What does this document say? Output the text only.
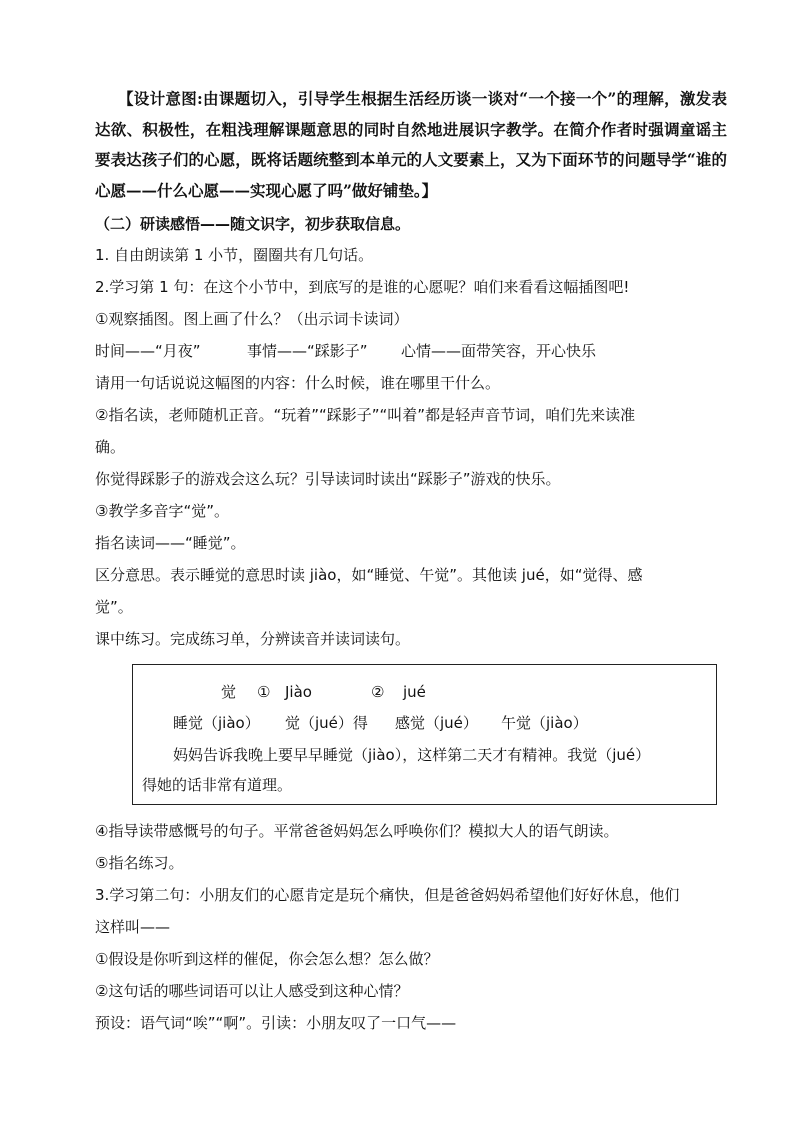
【设计意图:由课题切入，引导学生根据生活经历谈一谈对“一个接一个”的理解，激发表达欲、积极性，在粗浅理解课题意思的同时自然地进展识字教学。在简介作者时强调童谣主要表达孩子们的心愿，既将话题统整到本单元的人文要素上，又为下面环节的问题导学“谁的心愿——什么心愿——实现心愿了吗”做好铺垫。】
（二）研读感悟——随文识字，初步获取信息。
1. 自由朗读第 1 小节，圈圈共有几句话。
2.学习第 1 句：在这个小节中，到底写的是谁的心愿呢？咱们来看看这幅插图吧!
①观察插图。图上画了什么？（出示词卡读词）
时间——“月夜”	事情——“踩影子” 心情——面带笑容，开心快乐
请用一句话说说这幅图的内容：什么时候，谁在哪里干什么。
②指名读，老师随机正音。“玩着”“踩影子”“叫着”都是轻声音节词，咱们先来读准
确。
你觉得踩影子的游戏会这么玩？引导读词时读出“踩影子”游戏的快乐。
③教学多音字“觉”。
指名读词——“睡觉”。
区分意思。表示睡觉的意思时读 jiào，如“睡觉、午觉”。其他读 jué，如“觉得、感
觉”。
课中练习。完成练习单，分辨读音并读词读句。
觉 ① Jiào	② jué
睡觉（jiào） 觉（jué）得 感觉（jué） 午觉（jiào）
妈妈告诉我晚上要早早睡觉（jiào），这样第二天才有精神。我觉（jué）
得她的话非常有道理。
④指导读带感慨号的句子。平常爸爸妈妈怎么呼唤你们？模拟大人的语气朗读。
⑤指名练习。
3.学习第二句：小朋友们的心愿肯定是玩个痛快，但是爸爸妈妈希望他们好好休息，他们
这样叫——
①假设是你听到这样的催促，你会怎么想？怎么做？
②这句话的哪些词语可以让人感受到这种心情？
预设：语气词“唉”“啊”。引读：小朋友叹了一口气——
